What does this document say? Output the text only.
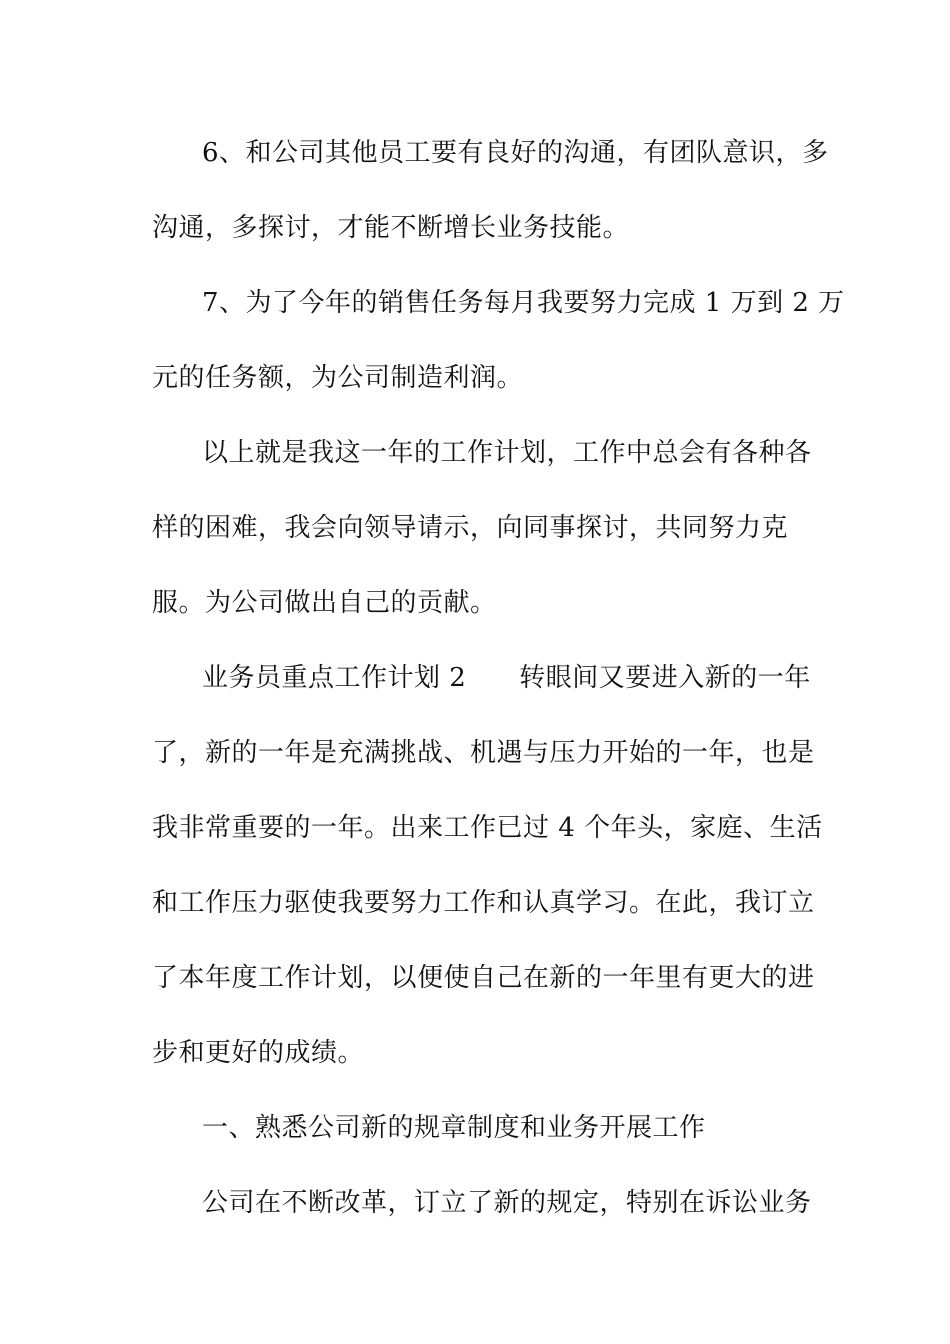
6、和公司其他员工要有良好的沟通，有团队意识，多
沟通，多探讨，才能不断增长业务技能。
7、为了今年的销售任务每月我要努力完成 1 万到 2 万
元的任务额，为公司制造利润。
以上就是我这一年的工作计划，工作中总会有各种各
样的困难，我会向领导请示，向同事探讨，共同努力克
服。为公司做出自己的贡献。
业务员重点工作计划 2　　转眼间又要进入新的一年
了，新的一年是充满挑战、机遇与压力开始的一年，也是
我非常重要的一年。出来工作已过 4 个年头，家庭、生活
和工作压力驱使我要努力工作和认真学习。在此，我订立
了本年度工作计划，以便使自己在新的一年里有更大的进
步和更好的成绩。
一、熟悉公司新的规章制度和业务开展工作
公司在不断改革，订立了新的规定，特别在诉讼业务
